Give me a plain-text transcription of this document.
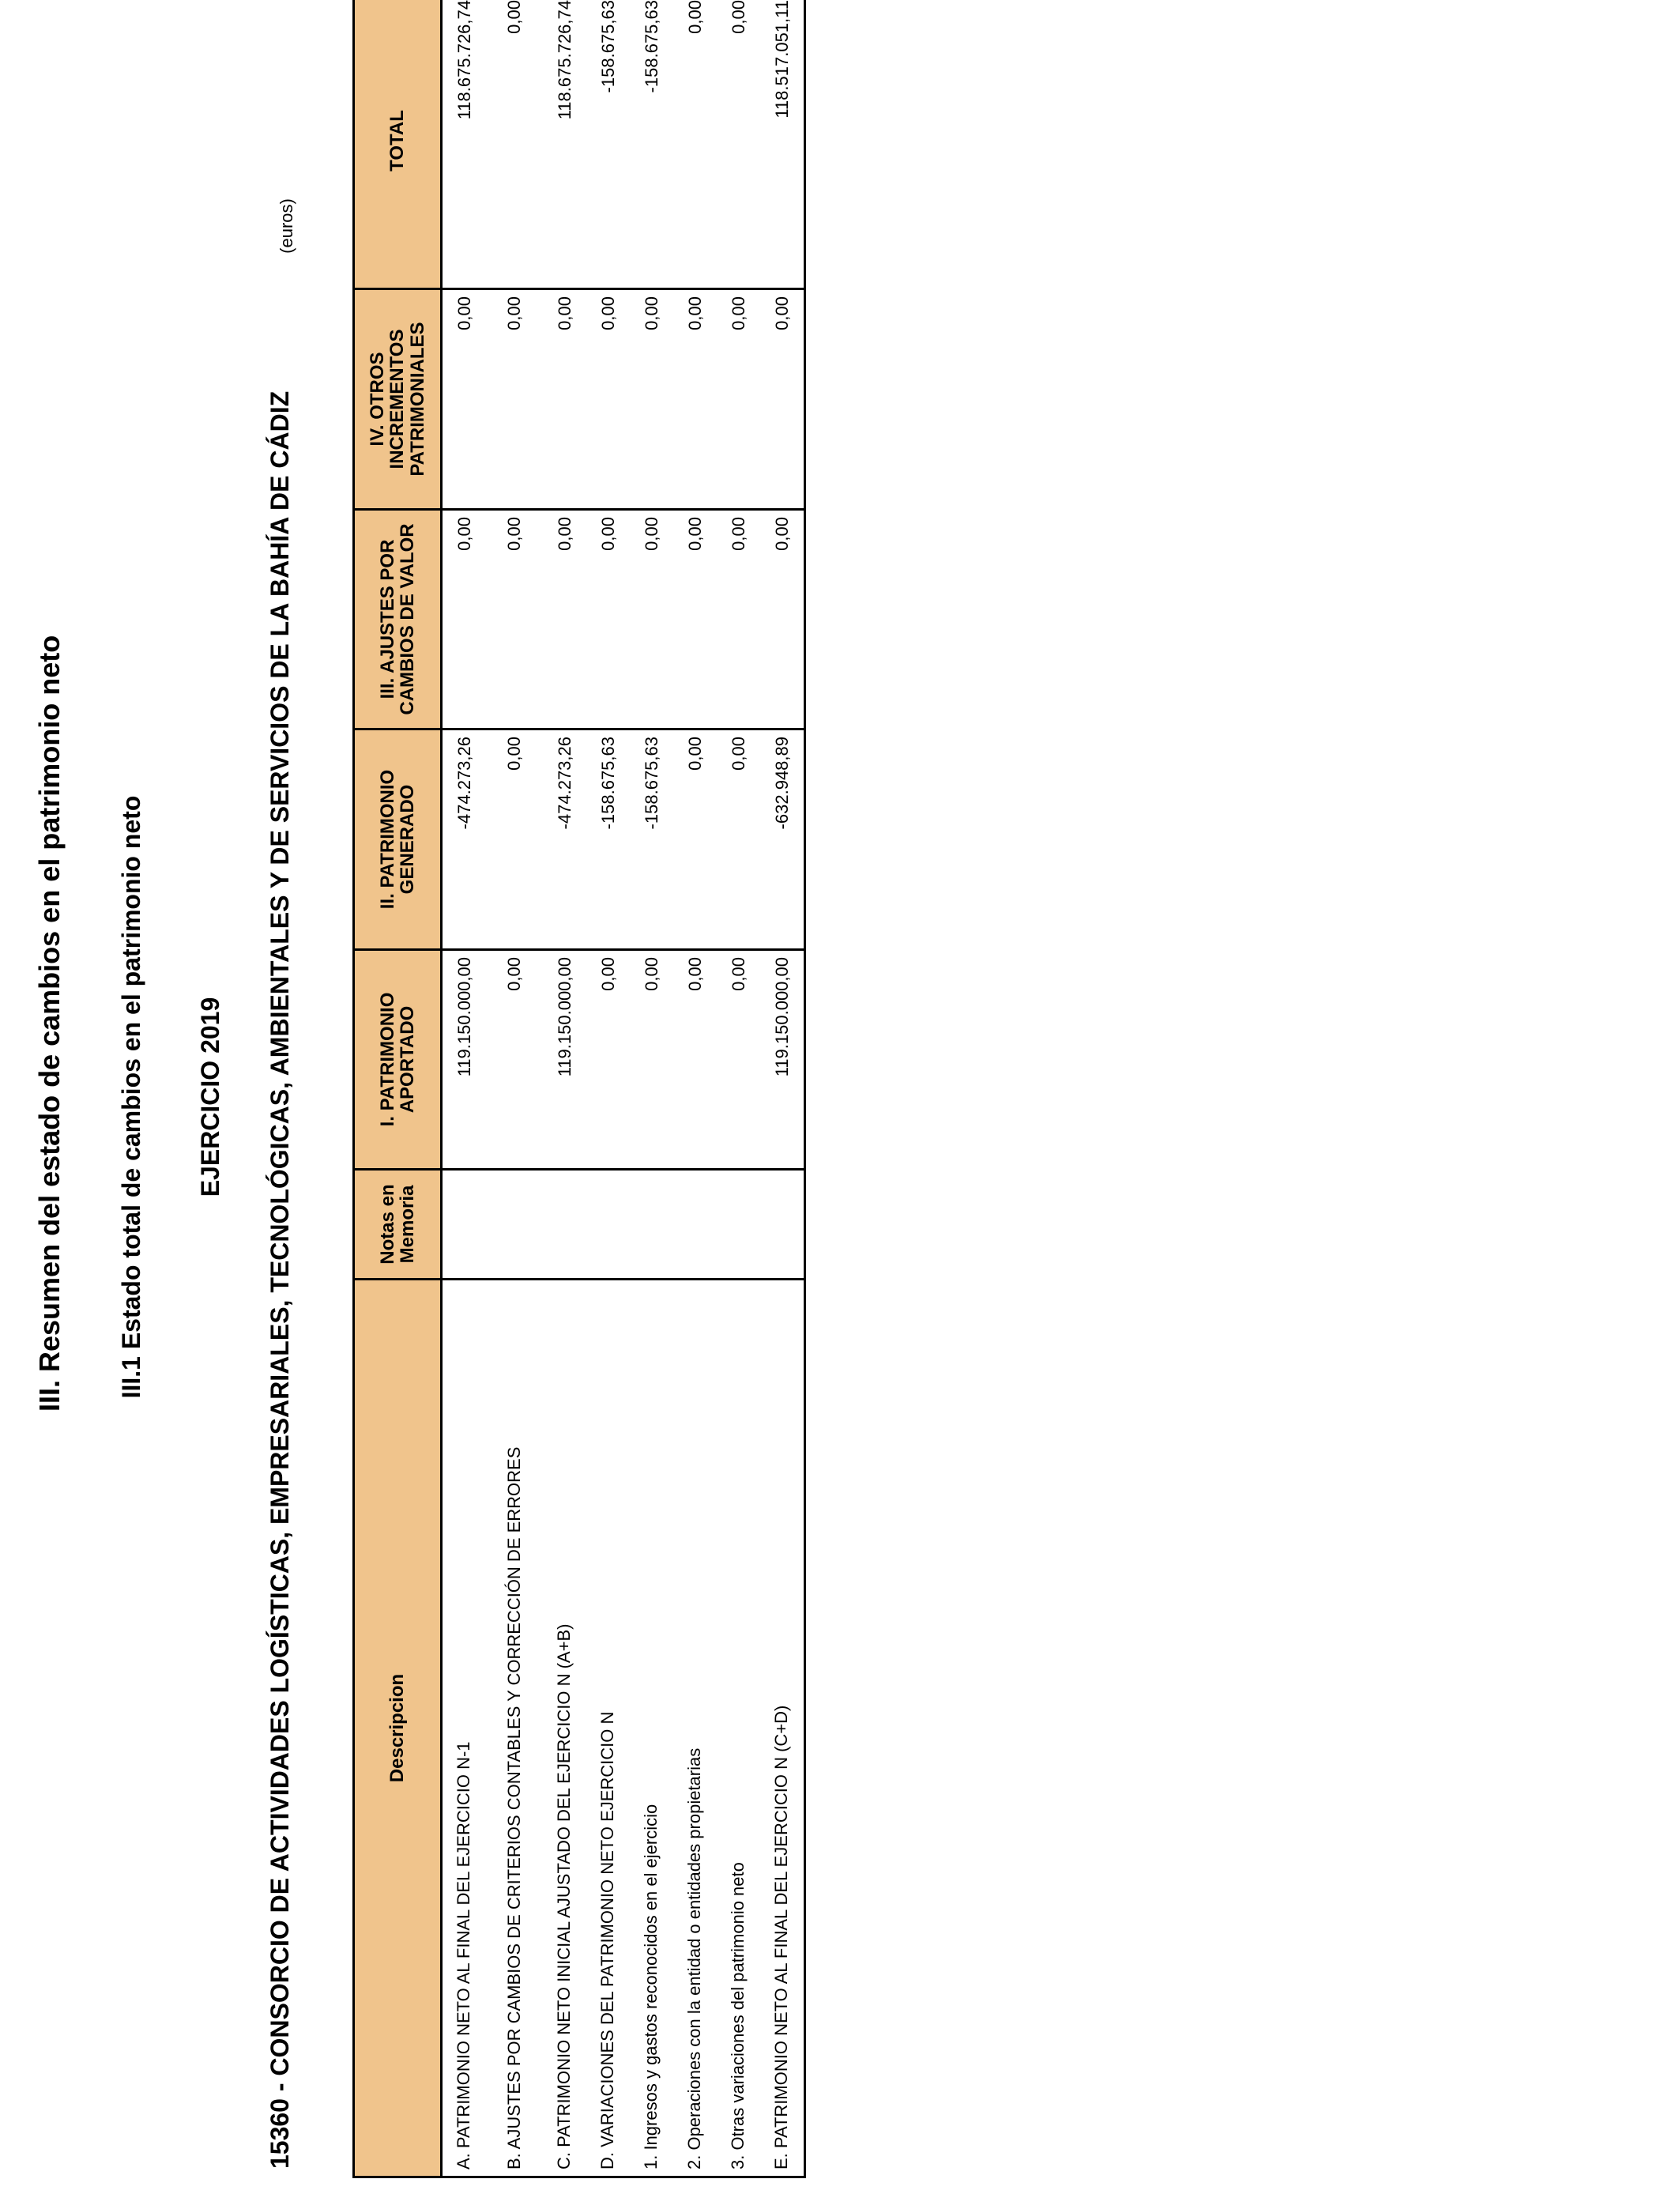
III. Resumen del estado de cambios en el patrimonio neto III.1 Estado total de cambios en el patrimonio neto EJERCICIO 2019 15360 - CONSORCIO DE ACTIVIDADES LOGÍSTICAS, EMPRESARIALES, TECNOLÓGICAS, AMBIENTALES Y DE SERVICIOS DE LA BAHÍA DE CÁDIZ
(euros)
Descripcion	Notas en Memoria	I. PATRIMONIO APORTADO	II. PATRIMONIO GENERADO	III. AJUSTES POR CAMBIOS DE VALOR	IV. OTROS INCREMENTOS PATRIMONIALES	TOTAL
A. PATRIMONIO NETO AL FINAL DEL EJERCICIO N-1		119.150.000,00	-474.273,26	0,00	0,00	118.675.726,74
B. AJUSTES POR CAMBIOS DE CRITERIOS CONTABLES Y CORRECCIÓN DE ERRORES		0,00	0,00	0,00	0,00	0,00
C. PATRIMONIO NETO INICIAL AJUSTADO DEL EJERCICIO N (A+B)		119.150.000,00	-474.273,26	0,00	0,00	118.675.726,74
D. VARIACIONES DEL PATRIMONIO NETO EJERCICIO N		0,00	-158.675,63	0,00	0,00	-158.675,63
1. Ingresos y gastos reconocidos en el ejercicio		0,00	-158.675,63	0,00	0,00	-158.675,63
2. Operaciones con la entidad o entidades propietarias		0,00	0,00	0,00	0,00	0,00
3. Otras variaciones del patrimonio neto		0,00	0,00	0,00	0,00	0,00
E. PATRIMONIO NETO AL FINAL DEL EJERCICIO N (C+D)		119.150.000,00	-632.948,89	0,00	0,00	118.517.051,11
